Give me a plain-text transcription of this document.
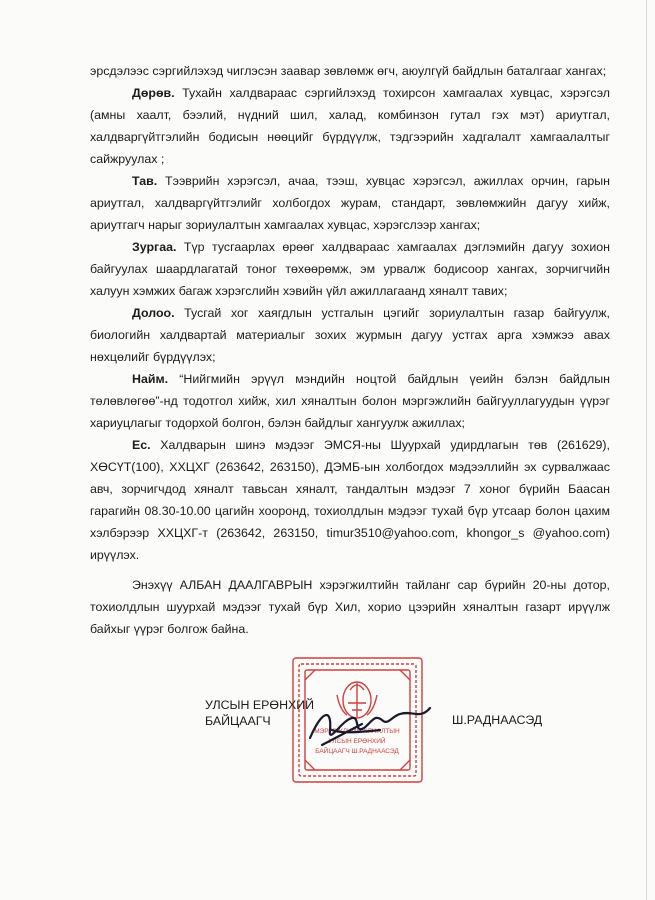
эрсдэлээс сэргийлэхэд чиглэсэн заавар зөвлөмж өгч, аюулгүй байдлын баталгааг хангах;

Дөрөв. Тухайн халдвараас сэргийлэхэд тохирсон хамгаалах хувцас, хэрэгсэл (амны хаалт, бээлий, нүдний шил, халад, комбинзон гутал гэх мэт) ариутгал, халдваргүйтгэлийн бодисын нөөцийг бүрдүүлж, тэдгээрийн хадгалалт хамгаалалтыг сайжруулах ;

Тав. Тээврийн хэрэгсэл, ачаа, тээш, хувцас хэрэгсэл, ажиллах орчин, гарын ариутгал, халдваргүйтгэлийг холбогдох журам, стандарт, зөвлөмжийн дагуу хийж, ариутгагч нарыг зориулалтын хамгаалах хувцас, хэрэгслээр хангах;

Зургаа. Түр тусгаарлах өрөөг халдвараас хамгаалах дэглэмийн дагуу зохион байгуулах шаардлагатай тоног төхөөрөмж, эм урвалж бодисоор хангах, зорчигчийн халуун хэмжих багаж хэрэгслийн хэвийн үйл ажиллагаанд хяналт тавих;

Долоо. Тусгай хог хаягдлын устгалын цэгийг зориулалтын газар байгуулж, биологийн халдвартай материалыг зохих журмын дагуу устгах арга хэмжээ авах нөхцөлийг бүрдүүлэх;

Найм. “Нийгмийн эрүүл мэндийн ноцтой байдлын үеийн бэлэн байдлын төлөвлөгөө”-нд тодотгол хийж, хил хяналтын болон мэргэжлийн байгууллагуудын үүрэг хариуцлагыг тодорхой болгон, бэлэн байдлыг хангуулж ажиллах;

Ес. Халдварын шинэ мэдээг ЭМСЯ-ны Шуурхай удирдлагын төв (261629), ХӨСҮТ(100), ХХЦХГ (263642, 263150), ДЭМБ-ын холбогдох мэдээллийн эх сурвалжаас авч, зорчигчдод хяналт тавьсан хяналт, тандалтын мэдээг 7 хоног бүрийн Баасан гарагийн 08.30-10.00 цагийн хооронд, тохиолдлын мэдээг тухай бүр утсаар болон цахим хэлбэрээр ХХЦХГ-т (263642, 263150, timur3510@yahoo.com, khongor_s @yahoo.com) ирүүлэх.

Энэхүү АЛБАН ДААЛГАВРЫН хэрэгжилтийн тайланг сар бүрийн 20-ны дотор, тохиолдлын шуурхай мэдээг тухай бүр Хил, хорио цээрийн хяналтын газарт ирүүлж байхыг үүрэг болгож байна.

МЭРГЭЖЛИЙН ХЯНАЛТЫН
УЛСЫН ЕРӨНХИЙ
БАЙЦААГЧ Ш.РАДНААСЭД
УЛСЫН ЕРӨНХИЙ
БАЙЦААГЧ	Ш.РАДНААСЭД
